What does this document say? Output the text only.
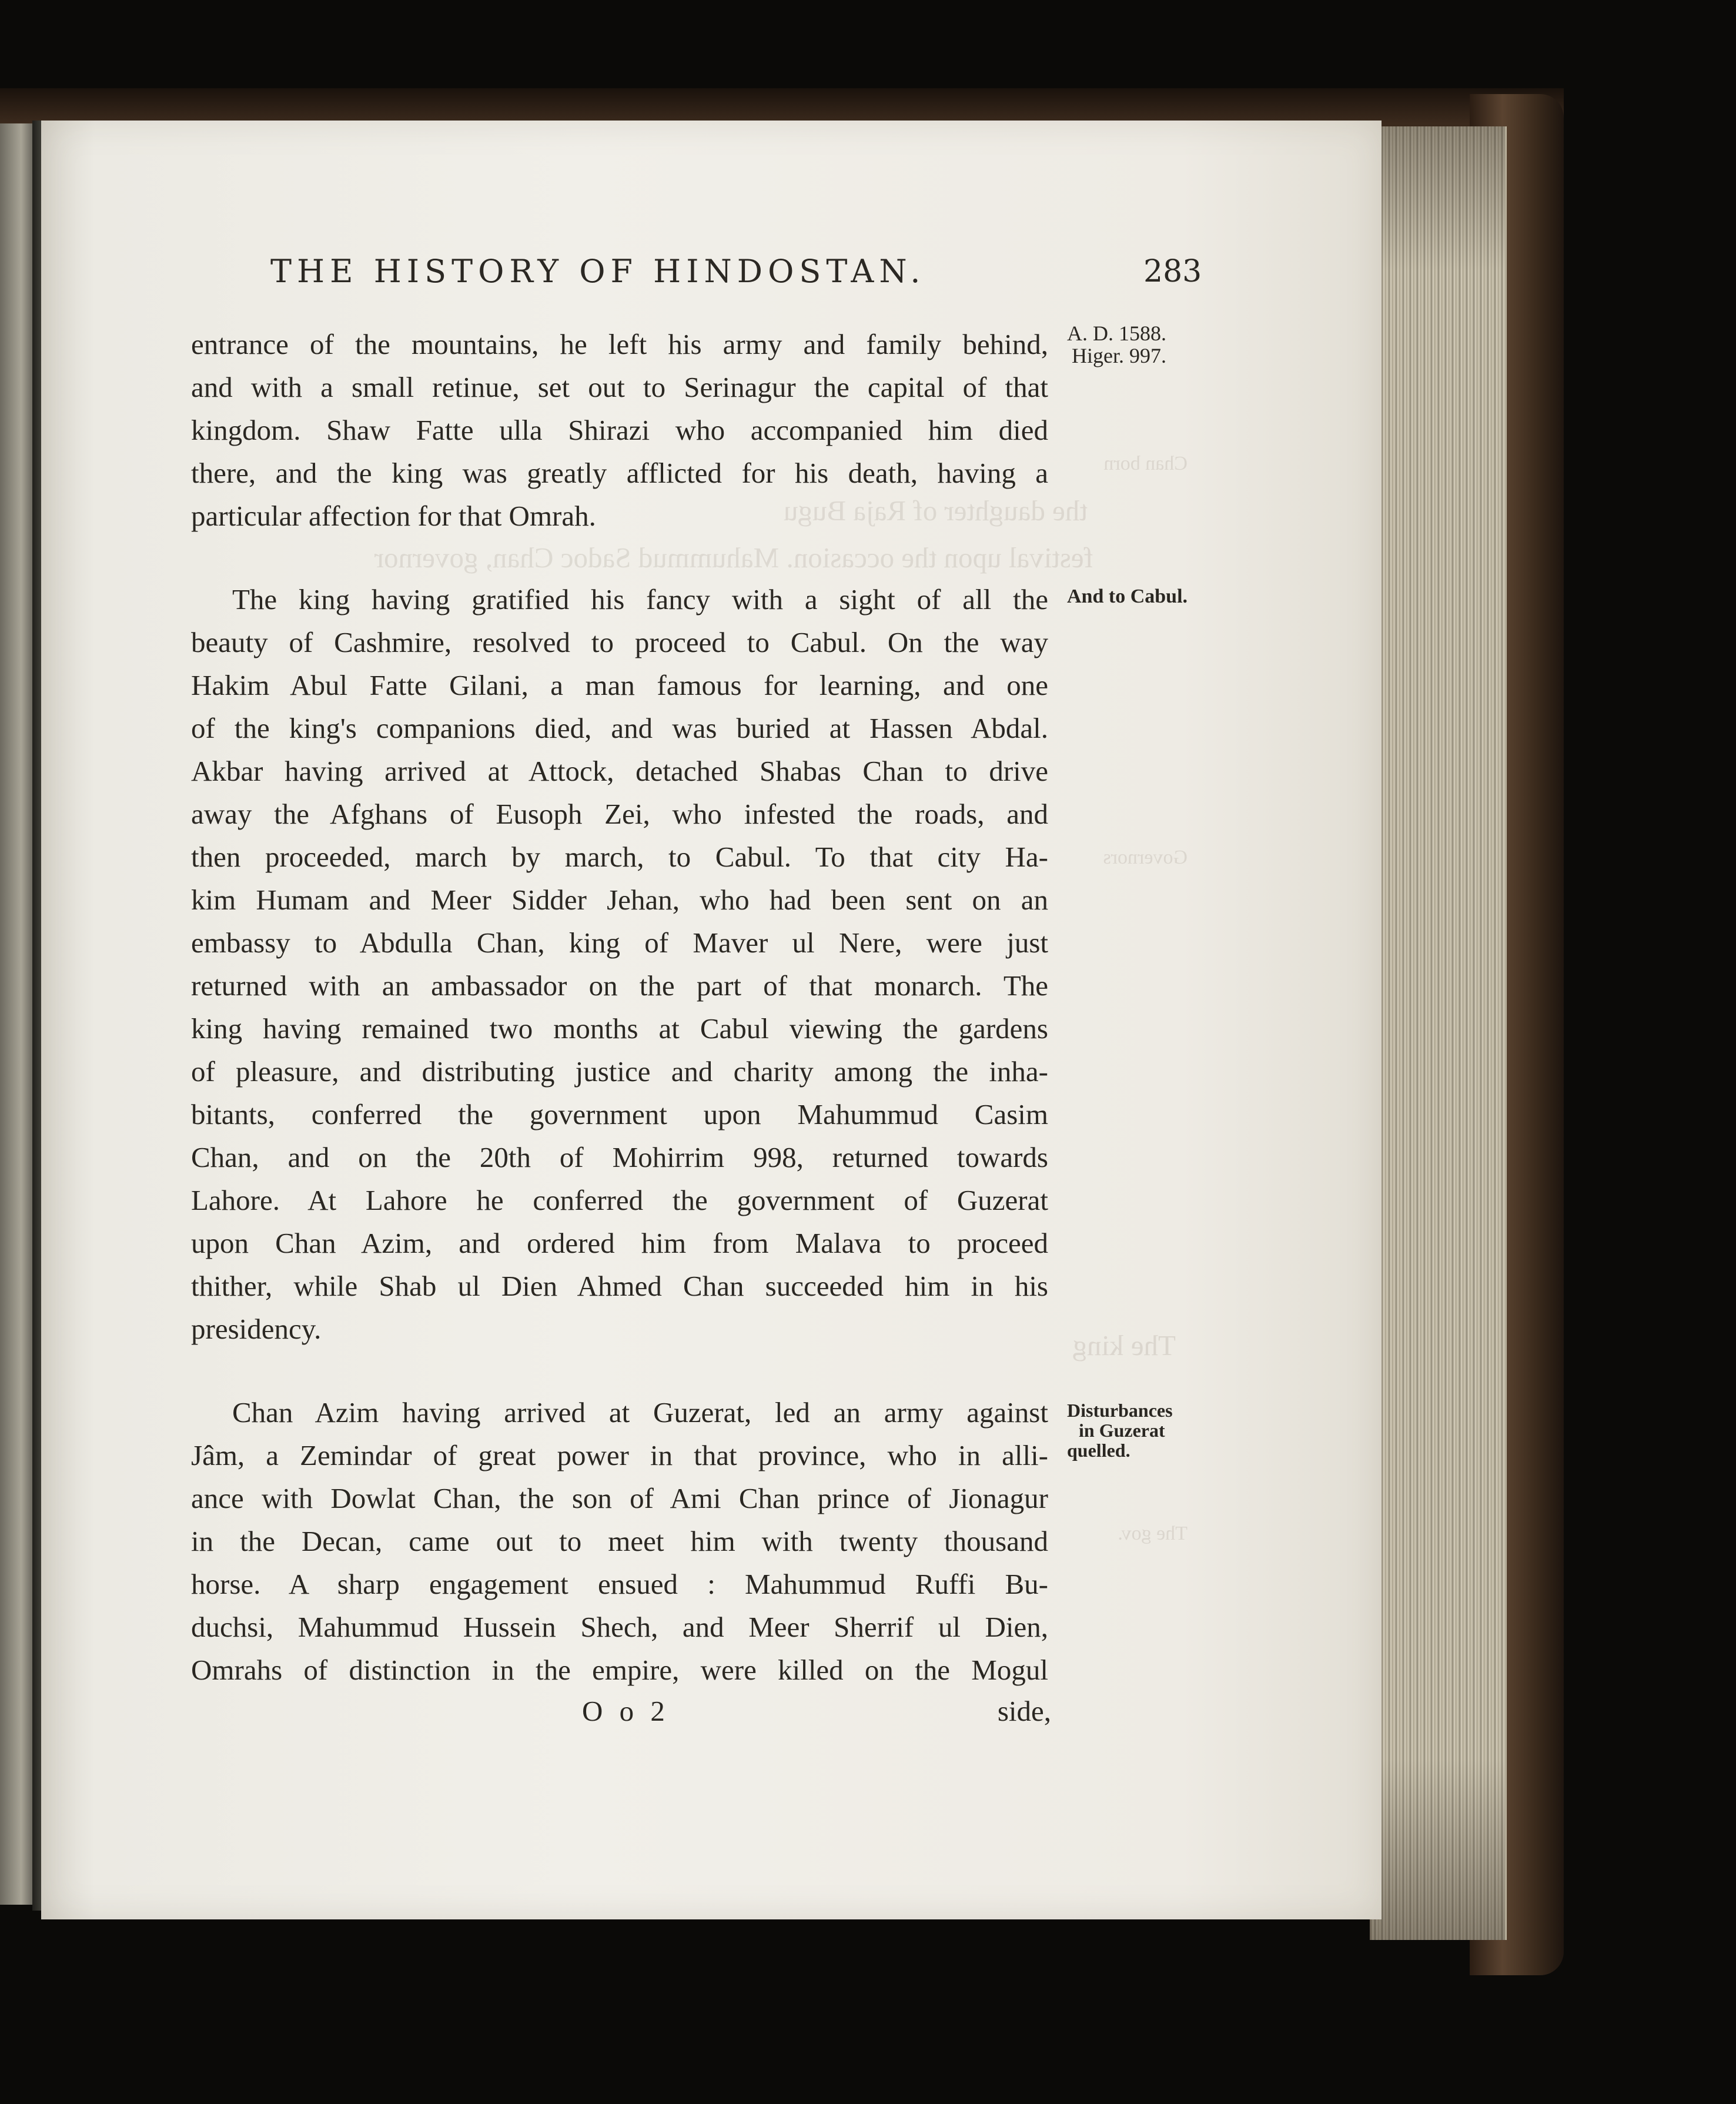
the daughter of Raja Bugu
festival upon the occasion. Mahummud Sadoc Chan, governor
The king
Chan born
Governors
The gov.
THE HISTORY OF HINDOSTAN.	283
A. D. 1588.
Higer. 997.
And to Cabul.
Disturbances
in Guzerat
quelled.
entrance of the mountains, he left his army and family behind,
and with a small retinue, set out to Serinagur the capital of that
kingdom. Shaw Fatte ulla Shirazi who accompanied him died
there, and the king was greatly afflicted for his death, having a
particular affection for that Omrah.
The king having gratified his fancy with a sight of all the
beauty of Cashmire, resolved to proceed to Cabul. On the way
Hakim Abul Fatte Gilani, a man famous for learning, and one
of the king's companions died, and was buried at Hassen Abdal.
Akbar having arrived at Attock, detached Shabas Chan to drive
away the Afghans of Eusoph Zei, who infested the roads, and
then proceeded, march by march, to Cabul. To that city Ha-
kim Humam and Meer Sidder Jehan, who had been sent on an
embassy to Abdulla Chan, king of Maver ul Nere, were just
returned with an ambassador on the part of that monarch. The
king having remained two months at Cabul viewing the gardens
of pleasure, and distributing justice and charity among the inha-
bitants, conferred the government upon Mahummud Casim
Chan, and on the 20th of Mohirrim 998, returned towards
Lahore. At Lahore he conferred the government of Guzerat
upon Chan Azim, and ordered him from Malava to proceed
thither, while Shab ul Dien Ahmed Chan succeeded him in his
presidency.
Chan Azim having arrived at Guzerat, led an army against
Jâm, a Zemindar of great power in that province, who in alli-
ance with Dowlat Chan, the son of Ami Chan prince of Jionagur
in the Decan, came out to meet him with twenty thousand
horse. A sharp engagement ensued : Mahummud Ruffi Bu-
duchsi, Mahummud Hussein Shech, and Meer Sherrif ul Dien,
Omrahs of distinction in the empire, were killed on the Mogul
O o 2	side,
